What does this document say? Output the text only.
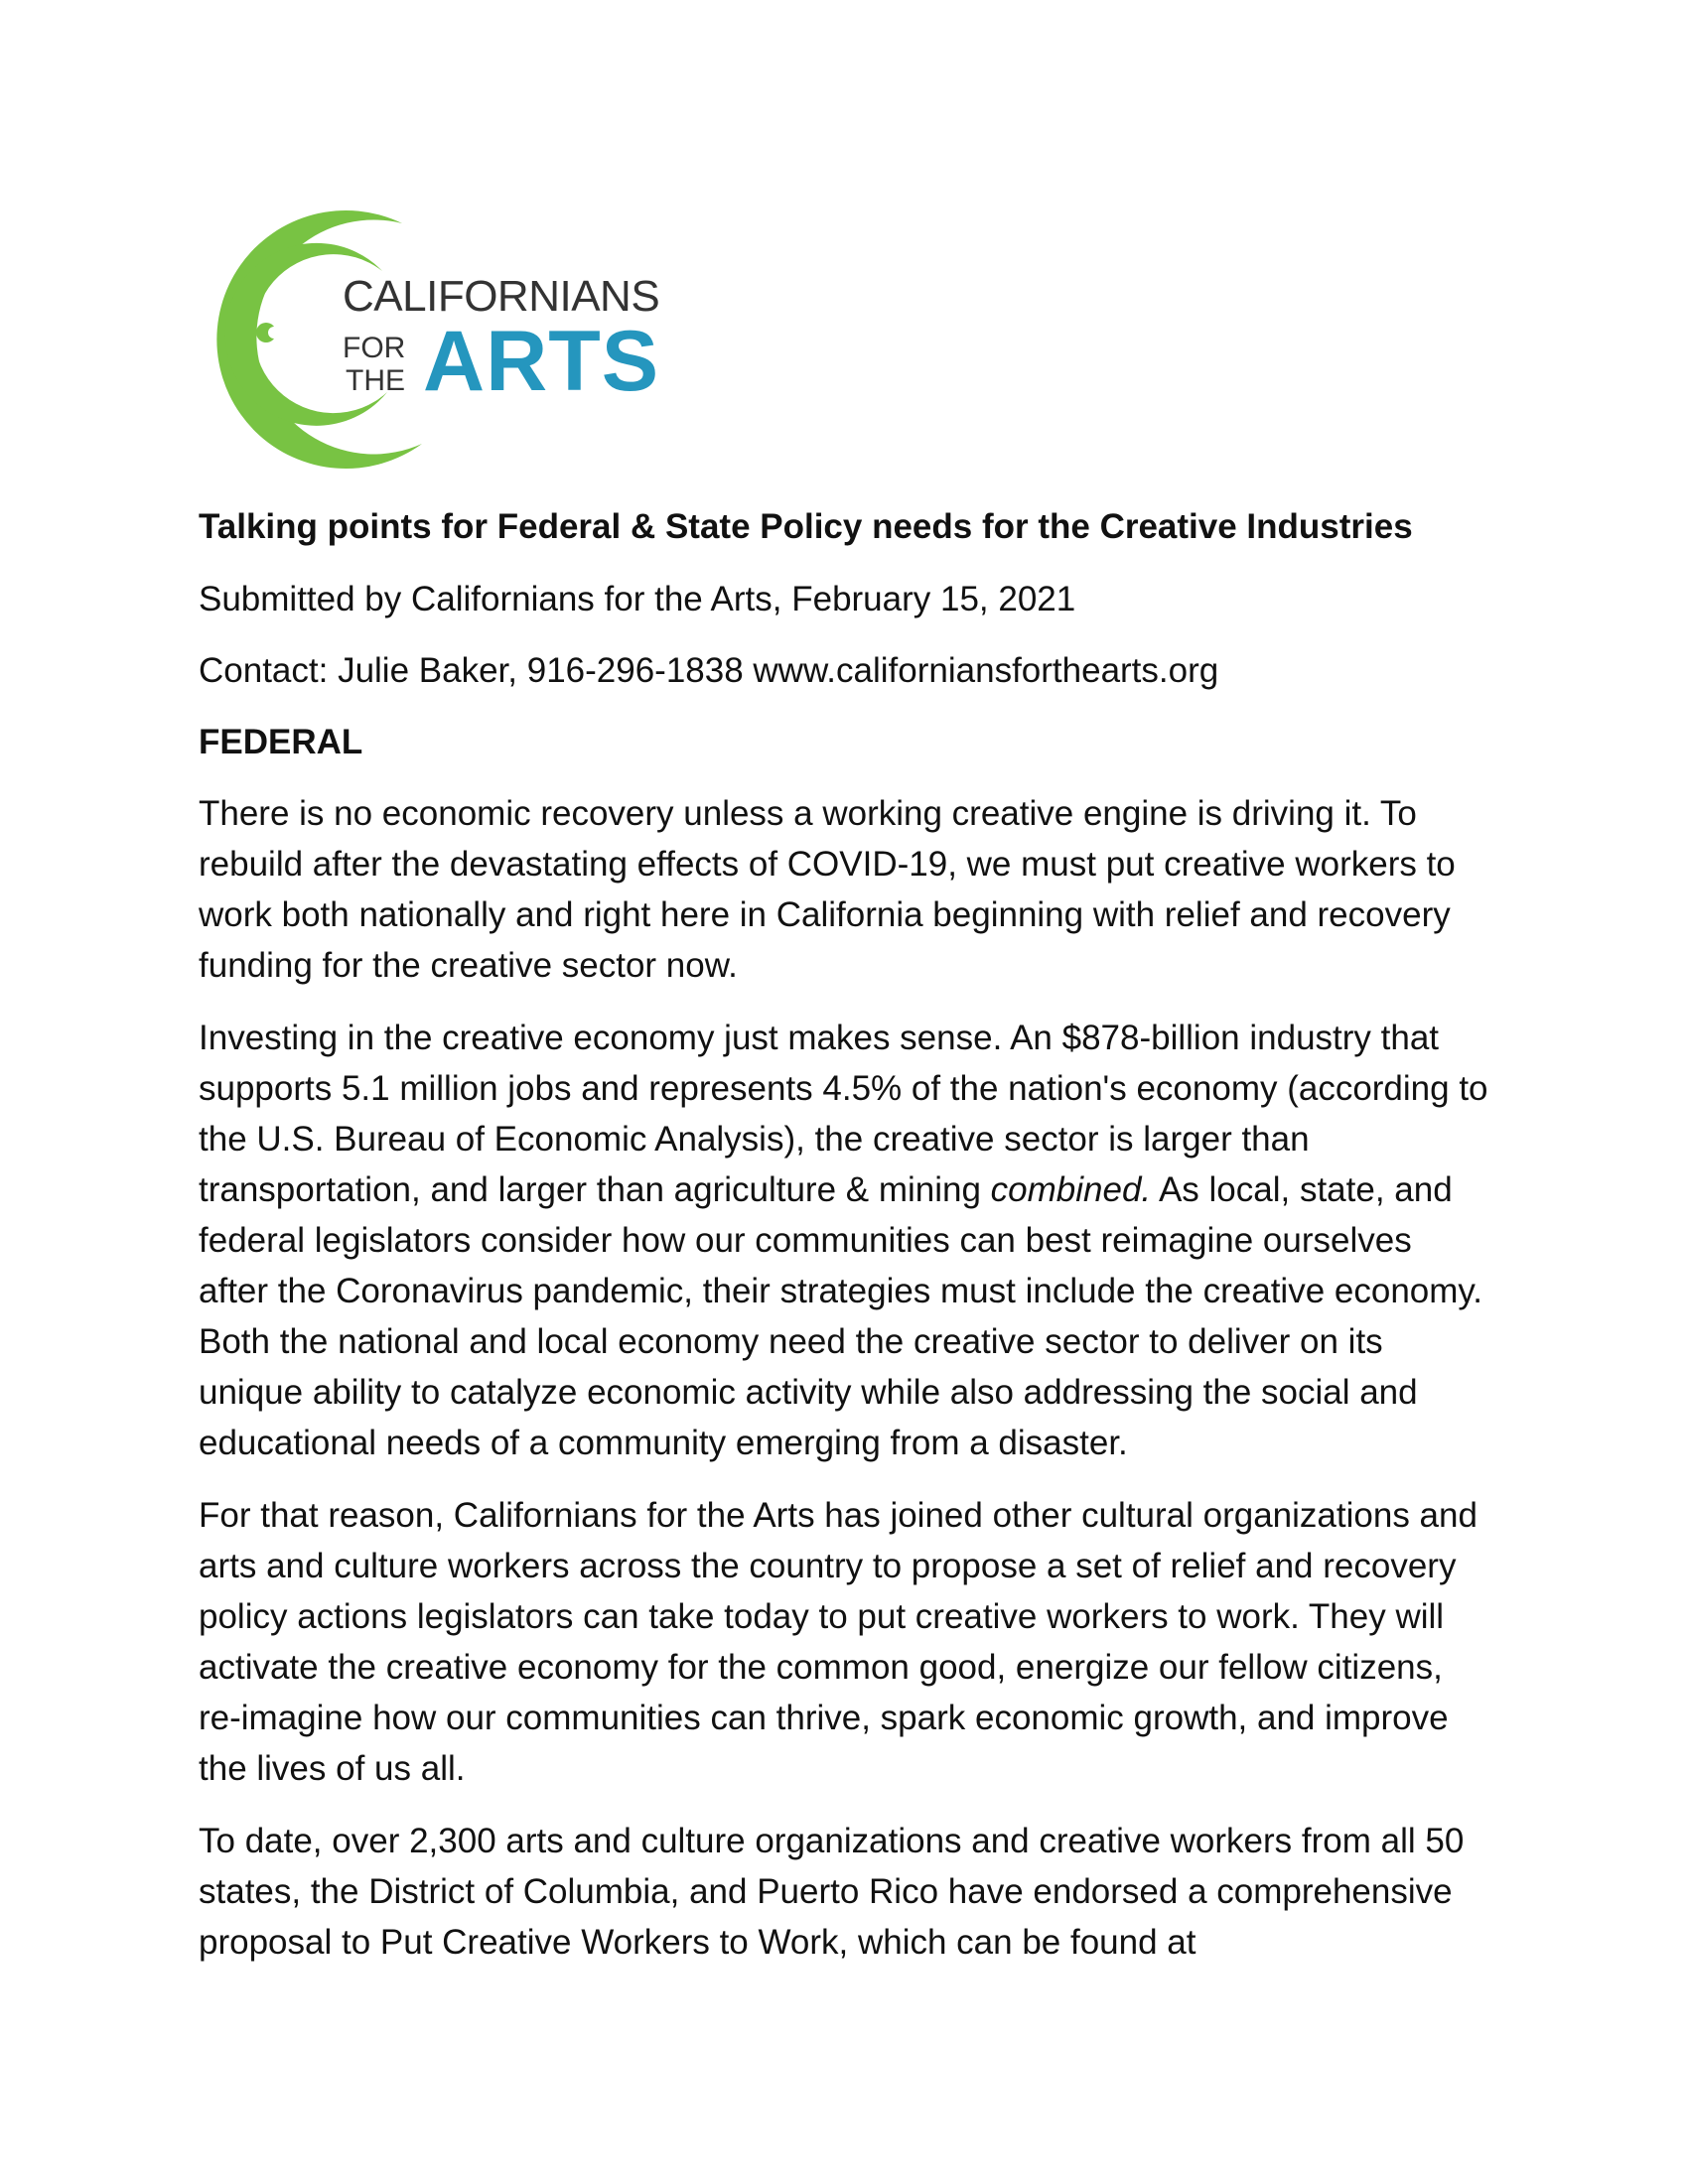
CALIFORNIANS
FOR
THE ARTS

Talking points for Federal & State Policy needs for the Creative Industries

Submitted by Californians for the Arts, February 15, 2021

Contact: Julie Baker, 916-296-1838 www.californiansforthearts.org

FEDERAL

There is no economic recovery unless a working creative engine is driving it. To rebuild after the devastating effects of COVID-19, we must put creative workers to work both nationally and right here in California beginning with relief and recovery funding for the creative sector now.

Investing in the creative economy just makes sense. An $878-billion industry that supports 5.1 million jobs and represents 4.5% of the nation's economy (according to the U.S. Bureau of Economic Analysis), the creative sector is larger than transportation, and larger than agriculture & mining combined. As local, state, and federal legislators consider how our communities can best reimagine ourselves after the Coronavirus pandemic, their strategies must include the creative economy. Both the national and local economy need the creative sector to deliver on its unique ability to catalyze economic activity while also addressing the social and educational needs of a community emerging from a disaster.

For that reason, Californians for the Arts has joined other cultural organizations and arts and culture workers across the country to propose a set of relief and recovery policy actions legislators can take today to put creative workers to work. They will activate the creative economy for the common good, energize our fellow citizens, re-imagine how our communities can thrive, spark economic growth, and improve the lives of us all.

To date, over 2,300 arts and culture organizations and creative workers from all 50 states, the District of Columbia, and Puerto Rico have endorsed a comprehensive proposal to Put Creative Workers to Work, which can be found at
